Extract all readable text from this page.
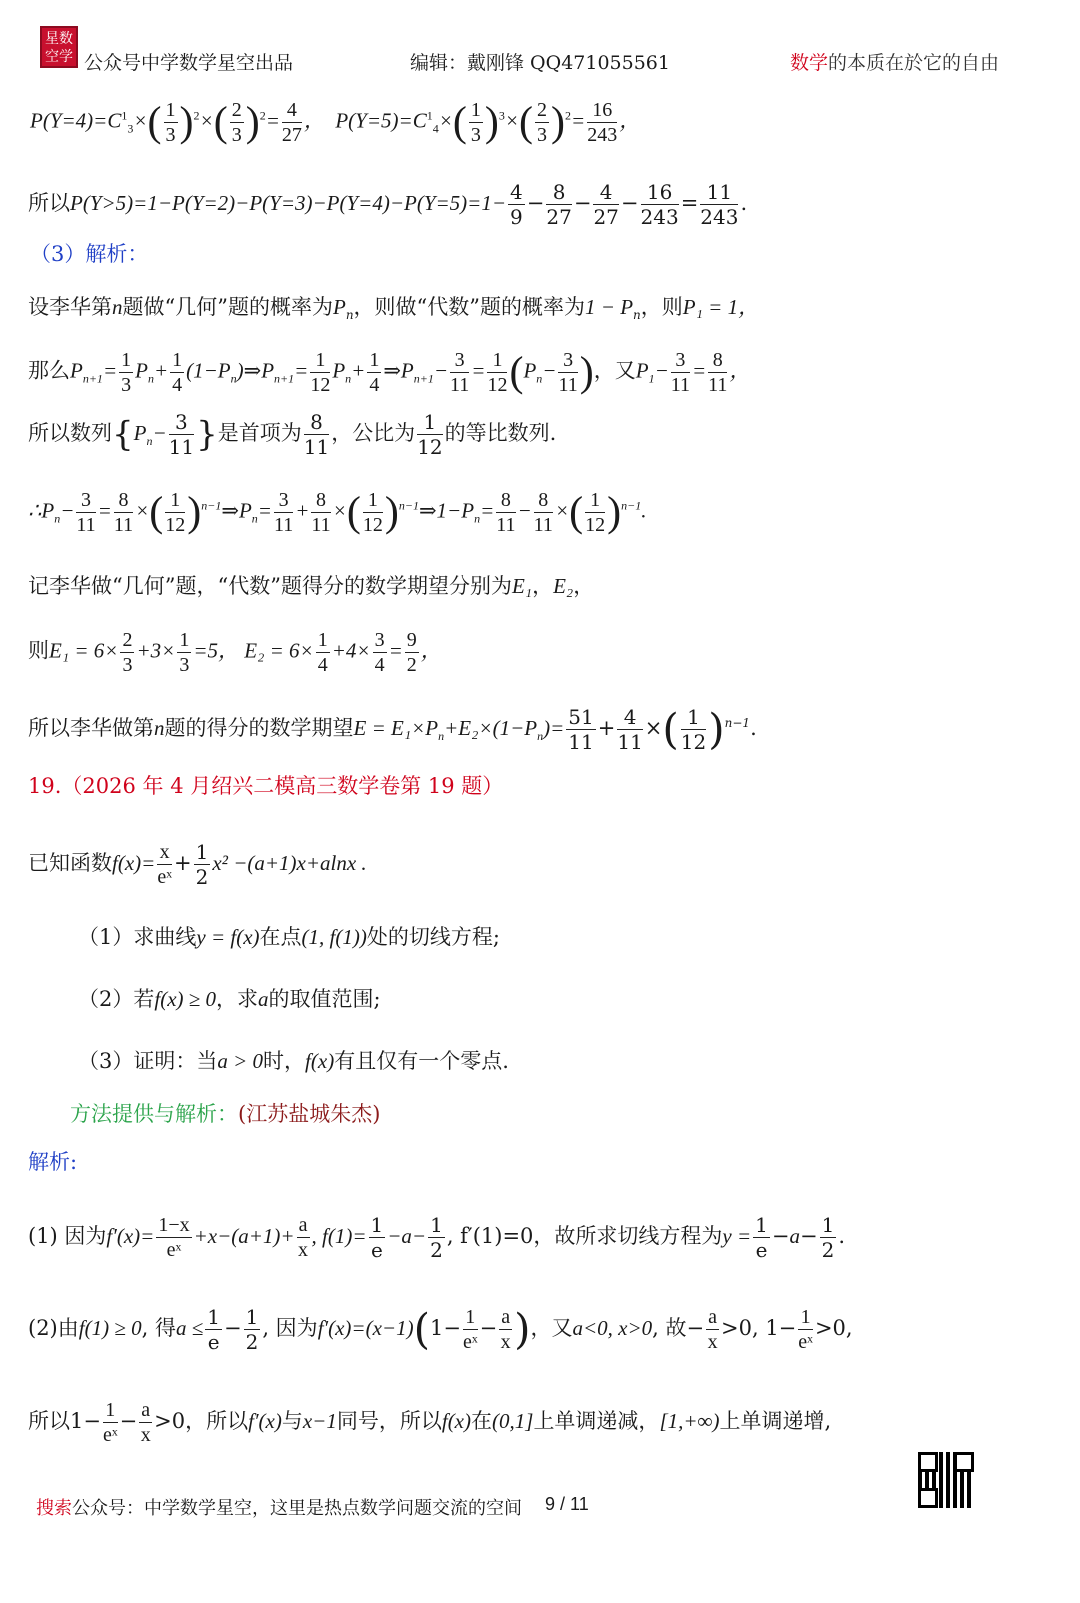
星数
空学 公众号中学数学星空出品	编辑：戴刚锋 QQ471055561	数学的本质在於它的自由
$P(Y=4)=C^1_3\times( \frac{1}{3} )^2\times( \frac{2}{3} )^2= \frac{4}{27}$ ，  $P(Y=5)=C^1_4\times( \frac{1}{3} )^3\times( \frac{2}{3} )^2= \frac{16}{243}$ ，
所以$P(Y>5)=1-P(Y=2)-P(Y=3)-P(Y=4)-P(Y=5)=1- \frac{4}{9} - \frac{8}{27} - \frac{4}{27} - \frac{16}{243} = \frac{11}{243}$ .
（3）解析：
设李华第n题做“几何”题的概率为$P_n$，则做“代数”题的概率为$1 - P_n$，则P₁ = 1，
那么$P_{n+1}= \frac{1}{3} P_n+ \frac{1}{4}$ $(1-P_n)\Rightarrow P_{n+1}= \frac{1}{12} P_n+ \frac{1}{4}$ $\Rightarrow P_{n+1}- \frac{3}{11} = \frac{1}{12} (P_n- \frac{3}{11}$ )，又$P_1- \frac{3}{11} = \frac{8}{11}$ ，
所以数列{$P_n- \frac{3}{11}$ }是首项为 $\frac{8}{11}$ ，公比为 $\frac{1}{12}$ 的等比数列.
$\therefore P_n- \frac{3}{11} = \frac{8}{11}$ ×( $\frac{1}{12}$ )$^{n-1}\Rightarrow P_n= \frac{3}{11} + \frac{8}{11}$ ×( $\frac{1}{12}$ )$^{n-1}\Rightarrow 1-P_n= \frac{8}{11} - \frac{8}{11}$ ×( $\frac{1}{12} )^{n-1}$.
记李华做“几何”题，“代数”题得分的数学期望分别为E₁，E₂，
则$E_1 = 6\times \frac{2}{3} +3\times \frac{1}{3} =5$， $E_2 = 6\times \frac{1}{4} +4\times \frac{3}{4} = \frac{9}{2}$ ，
所以李华做第n题的得分的数学期望$E = E_1\times P_n+E_2\times(1-P_n)= \frac{51}{11} + \frac{4}{11}$ ×( $\frac{1}{12} )^{n-1}$.
19.（2026 年 4 月绍兴二模高三数学卷第 19 题）
已知函数$f(x)= \frac{x}{\text{eˣ}} + \frac{1}{2} x^2 -(a+1)x+alnx$ .
（1）求曲线y = f(x)在点(1, f(1))处的切线方程;
（2）若f(x) ≥ 0，求a的取值范围;
（3）证明：当a > 0时，f(x)有且仅有一个零点.
方法提供与解析：(江苏盐城朱杰)
解析:
(1) 因为$f'(x)= \frac{1-x}{\text{eˣ}} +x-(a+1)+ \frac{a}{x}$ , $f(1)= \frac{1}{e} -a- \frac{1}{2}$ , f′(1)=0，故所求切线方程为$y = \frac{1}{e} -a- \frac{1}{2}$ .
(2)由f(1) ≥ 0, 得$a \le \frac{1}{e} - \frac{1}{2}$ , 因为$f'(x)=(x-1)(1- \frac{1}{\text{eˣ}} - \frac{a}{x}$ )，又a<0, x>0, 故− $\frac{a}{x} >0$, $1- \frac{1}{\text{eˣ}} >0$,
所以$1- \frac{1}{\text{eˣ}} - \frac{a}{x} >0$，所以f′(x)与x−1同号，所以f(x)在(0,1]上单调递减，[1,+∞)上单调递增,
搜索公众号：中学数学星空，这里是热点数学问题交流的空间 9 / 11
